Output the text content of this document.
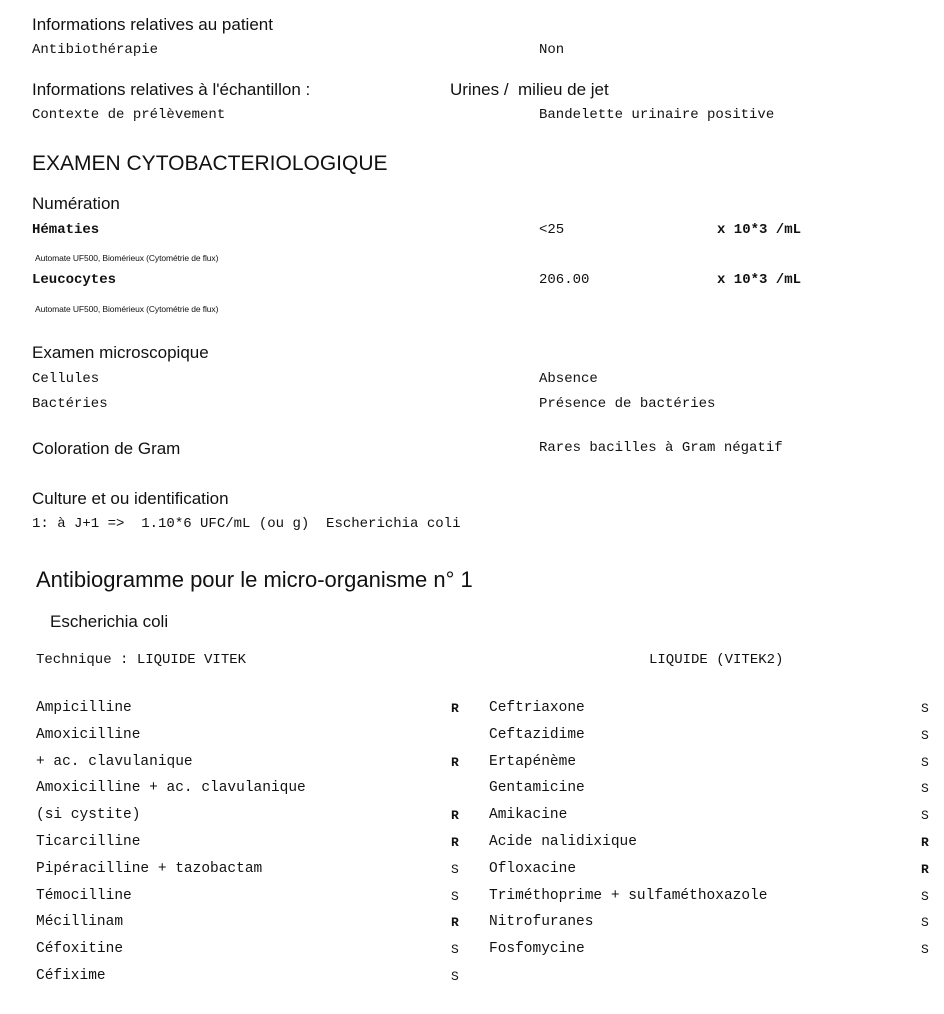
Informations relatives au patient
Antibiothérapie	Non
Informations relatives à l'échantillon :	Urines /  milieu de jet
Contexte de prélèvement	Bandelette urinaire positive
EXAMEN CYTOBACTERIOLOGIQUE
Numération
Hématies	<25	x 10*3 /mL
Automate UF500, Biomérieux (Cytométrie de flux)
Leucocytes	206.00	x 10*3 /mL
Automate UF500, Biomérieux (Cytométrie de flux)
Examen microscopique
Cellules	Absence
Bactéries	Présence de bactéries
Coloration de Gram	Rares bacilles à Gram négatif
Culture et ou identification
1: à J+1 =>  1.10*6 UFC/mL (ou g)  Escherichia coli
Antibiogramme pour le micro-organisme n° 1
Escherichia coli
Technique : LIQUIDE VITEK	LIQUIDE (VITEK2)
Ampicilline	R
Amoxicilline
+ ac. clavulanique	R
Amoxicilline + ac. clavulanique
(si cystite)	R
Ticarcilline	R
Pipéracilline + tazobactam	S
Témocilline	S
Mécillinam	R
Céfoxitine	S
Céfixime	S
Ceftriaxone	S
Ceftazidime	S
Ertapénème	S
Gentamicine	S
Amikacine	S
Acide nalidixique	R
Ofloxacine	R
Triméthoprime + sulfaméthoxazole	S
Nitrofuranes	S
Fosfomycine	S
